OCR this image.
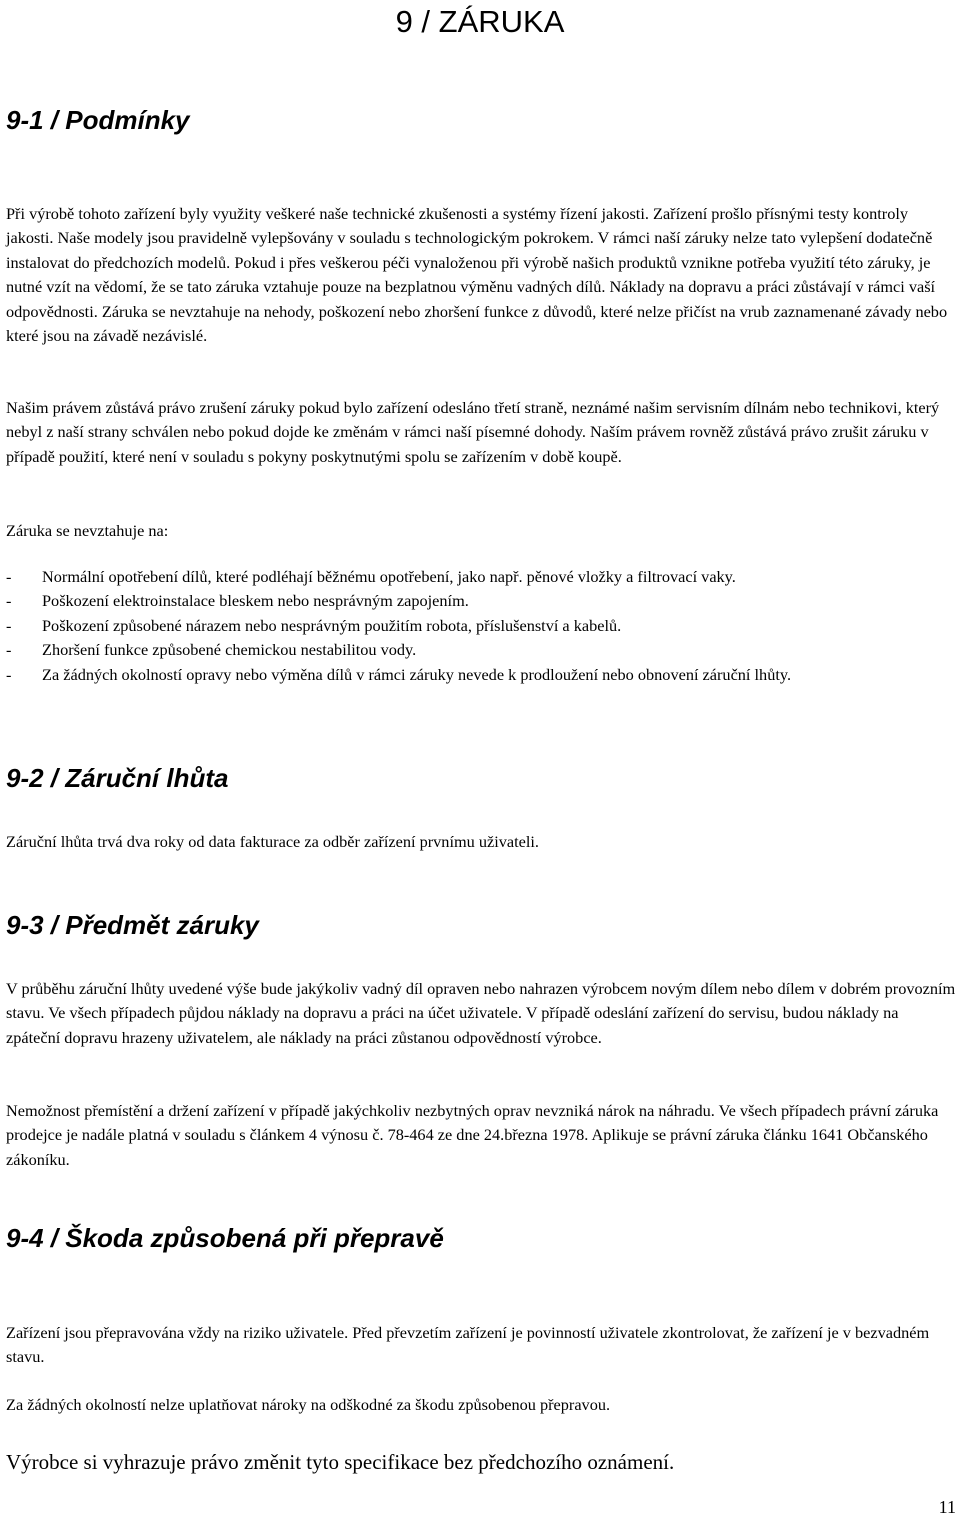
9 / ZÁRUKA
9-1 / Podmínky

Při výrobě tohoto zařízení byly využity veškeré naše technické zkušenosti a systémy řízení jakosti. Zařízení prošlo přísnými testy kontroly jakosti. Naše modely jsou pravidelně vylepšovány v souladu s technologickým pokrokem. V rámci naší záruky nelze tato vylepšení dodatečně instalovat do předchozích modelů. Pokud i přes veškerou péči vynaloženou při výrobě našich produktů vznikne potřeba využití této záruky, je nutné vzít na vědomí, že se tato záruka vztahuje pouze na bezplatnou výměnu vadných dílů. Náklady na dopravu a práci zůstávají v rámci vaší odpovědnosti. Záruka se nevztahuje na nehody, poškození nebo zhoršení funkce z důvodů, které nelze přičíst na vrub zaznamenané závady nebo které jsou na závadě nezávislé.

Našim právem zůstává právo zrušení záruky pokud bylo zařízení odesláno třetí straně, neznámé našim servisním dílnám nebo technikovi, který nebyl z naší strany schválen nebo pokud dojde ke změnám v rámci naší písemné dohody. Naším právem rovněž zůstává právo zrušit záruku v případě použití, které není v souladu s pokyny poskytnutými spolu se zařízením v době koupě.

Záruka se nevztahuje na:

- Normální opotřebení dílů, které podléhají běžnému opotřebení, jako např. pěnové vložky a filtrovací vaky.
- Poškození elektroinstalace bleskem nebo nesprávným zapojením.
- Poškození způsobené nárazem nebo nesprávným použitím robota, příslušenství a kabelů.
- Zhoršení funkce způsobené chemickou nestabilitou vody.
- Za žádných okolností opravy nebo výměna dílů v rámci záruky nevede k prodloužení nebo obnovení záruční lhůty.
9-2 / Záruční lhůta

Záruční lhůta trvá dva roky od data fakturace za odběr zařízení prvnímu uživateli.

9-3 / Předmět záruky

V průběhu záruční lhůty uvedené výše bude jakýkoliv vadný díl opraven nebo nahrazen výrobcem novým dílem nebo dílem v dobrém provozním stavu. Ve všech případech půjdou náklady na dopravu a práci na účet uživatele. V případě odeslání zařízení do servisu, budou náklady na zpáteční dopravu hrazeny uživatelem, ale náklady na práci zůstanou odpovědností výrobce.

Nemožnost přemístění a držení zařízení v případě jakýchkoliv nezbytných oprav nevzniká nárok na náhradu. Ve všech případech právní záruka prodejce je nadále platná v souladu s článkem 4 výnosu č. 78-464 ze dne 24.března 1978. Aplikuje se právní záruka článku 1641 Občanského zákoníku.

9-4 / Škoda způsobená při přepravě

Zařízení jsou přepravována vždy na riziko uživatele. Před převzetím zařízení je povinností uživatele zkontrolovat, že zařízení je v bezvadném stavu.

Za žádných okolností nelze uplatňovat nároky na odškodné za škodu způsobenou přepravou.

Výrobce si vyhrazuje právo změnit tyto specifikace bez předchozího oznámení.

11
